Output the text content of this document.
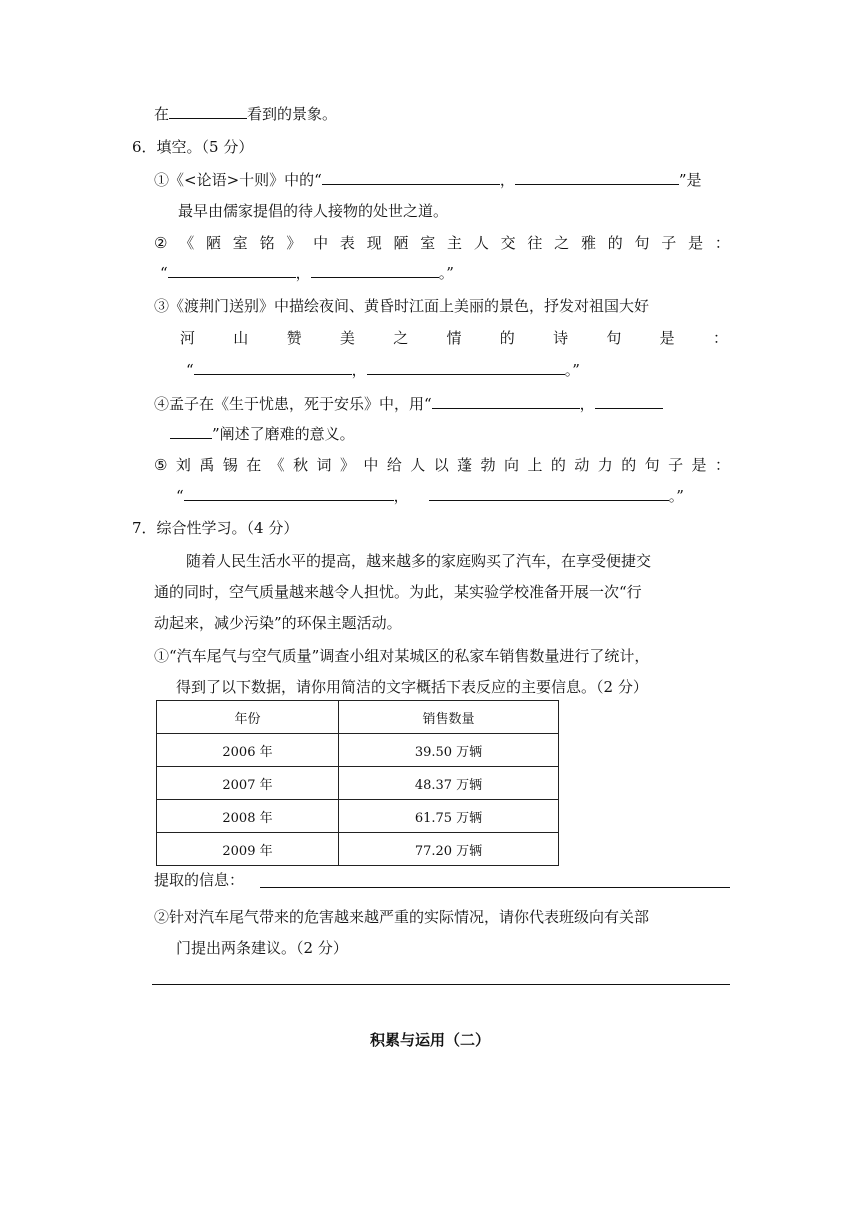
在	看到的景象。
6．填空。（5 分）
①《<论语>十则》中的“	，	”是
最早由儒家提倡的待人接物的处世之道。
② 《 陋 室 铭 》 中 表 现 陋 室 主 人 交 往 之 雅 的 句 子 是 ：
“	，	。”
③《渡荆门送别》中描绘夜间、黄昏时江面上美丽的景色，抒发对祖国大好
河	山	赞	美	之	情	的	诗	句	是	：
“	，	。”
④孟子在《生于忧患，死于安乐》中，用“	，
”阐述了磨难的意义。
⑤ 刘 禹 锡 在 《 秋 词 》 中 给 人 以 蓬 勃 向 上 的 动 力 的 句 子 是 ：
“	，	。”
7．综合性学习。（4 分）
随着人民生活水平的提高，越来越多的家庭购买了汽车，在享受便捷交
通的同时，空气质量越来越令人担忧。为此，某实验学校准备开展一次“行
动起来，减少污染”的环保主题活动。
①“汽车尾气与空气质量”调查小组对某城区的私家车销售数量进行了统计，
得到了以下数据，请你用简洁的文字概括下表反应的主要信息。（2 分）
年份	销售数量
2006 年	39.50 万辆
2007 年	48.37 万辆
2008 年	61.75 万辆
2009 年	77.20 万辆
提取的信息：
②针对汽车尾气带来的危害越来越严重的实际情况，请你代表班级向有关部
门提出两条建议。（2 分）
积累与运用（二）
